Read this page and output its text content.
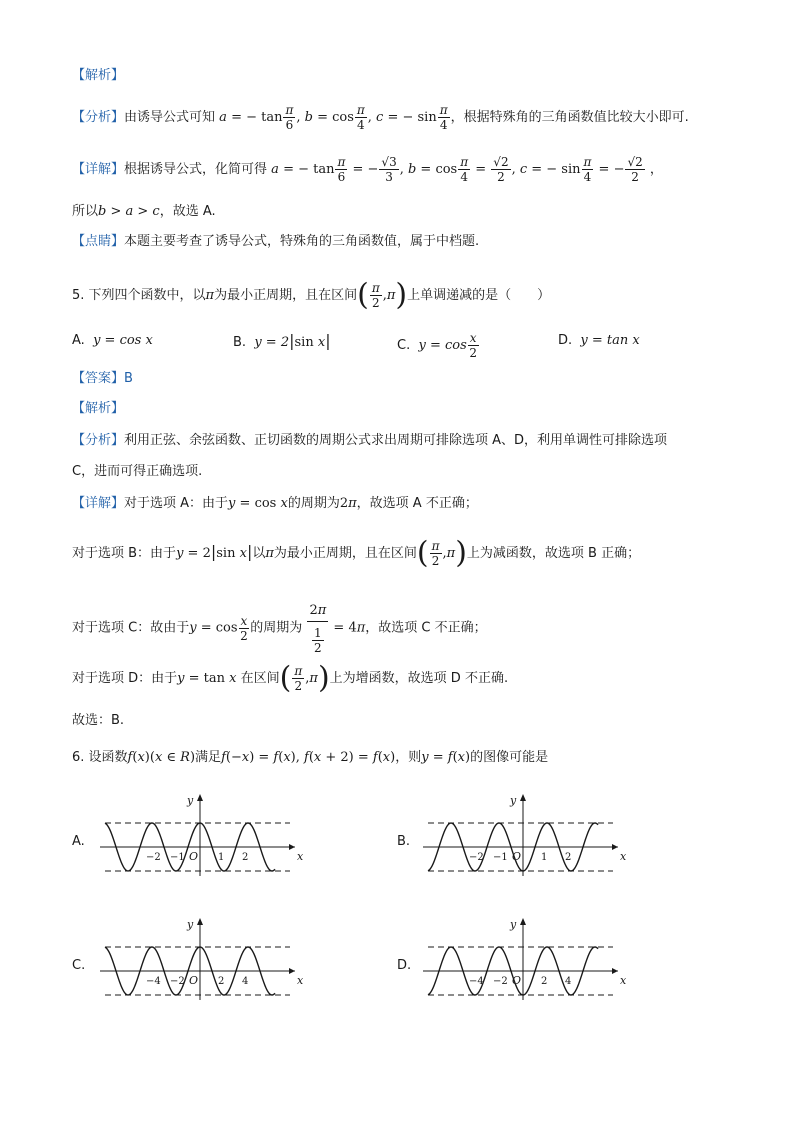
【解析】
【分析】由诱导公式可知 a = − $\tan \frac{\pi}{6}$ , $b = \cos \frac{\pi}{4}$ , c = − $\sin \frac{\pi}{4}$ ，根据特殊角的三角函数值比较大小即可.
【详解】根据诱导公式，化简可得 a = − $\tan \frac{\pi}{6}$ = − $\frac{√3}{3}$ , $b = \cos \frac{\pi}{4} = \frac{√2}{2}$ , c = − $\sin \frac{\pi}{4}$ = − $\frac{√2}{2}$ ，
所以b > a > c，故选 A.
【点睛】本题主要考查了诱导公式，特殊角的三角函数值，属于中档题.
5. 下列四个函数中，以π为最小正周期，且在区间( $\frac{\pi}{2} ,\pi$)上单调递减的是（　　）
A. y = cos x	B. y = 2|sin x|	C. $y = \cos \frac{x}{2}$	D. y = tan x
【答案】B
【解析】
【分析】利用正弦、余弦函数、正切函数的周期公式求出周期可排除选项 A、D，利用单调性可排除选项
C，进而可得正确选项.
【详解】对于选项 A：由于y = cos x的周期为2π，故选项 A 不正确；
对于选项 B：由于y = 2|sin x|以π为最小正周期，且在区间( $\frac{\pi}{2} ,\pi$)上为减函数，故选项 B 正确；
对于选项 C：故由于$y = \cos \frac{x}{2}$ 的周期为 $\frac{2\pi}{\frac{1}{2}} = 4\pi$，故选项 C 不正确；
对于选项 D：由于y = tan x 在区间( $\frac{\pi}{2} ,\pi$)上为增函数，故选项 D 不正确.
故选：B.
6. 设函数f(x)(x ∈ R)满足f(−x) = f(x), f(x + 2) = f(x)，则y = f(x)的图像可能是
A.	B.
C.	D.
x
y
−2 −1 O 1 2	x
y
−2 −1 O 1 2
x
y
−4 −2 O 2 4	x
y
−4 −2 O 2 4
